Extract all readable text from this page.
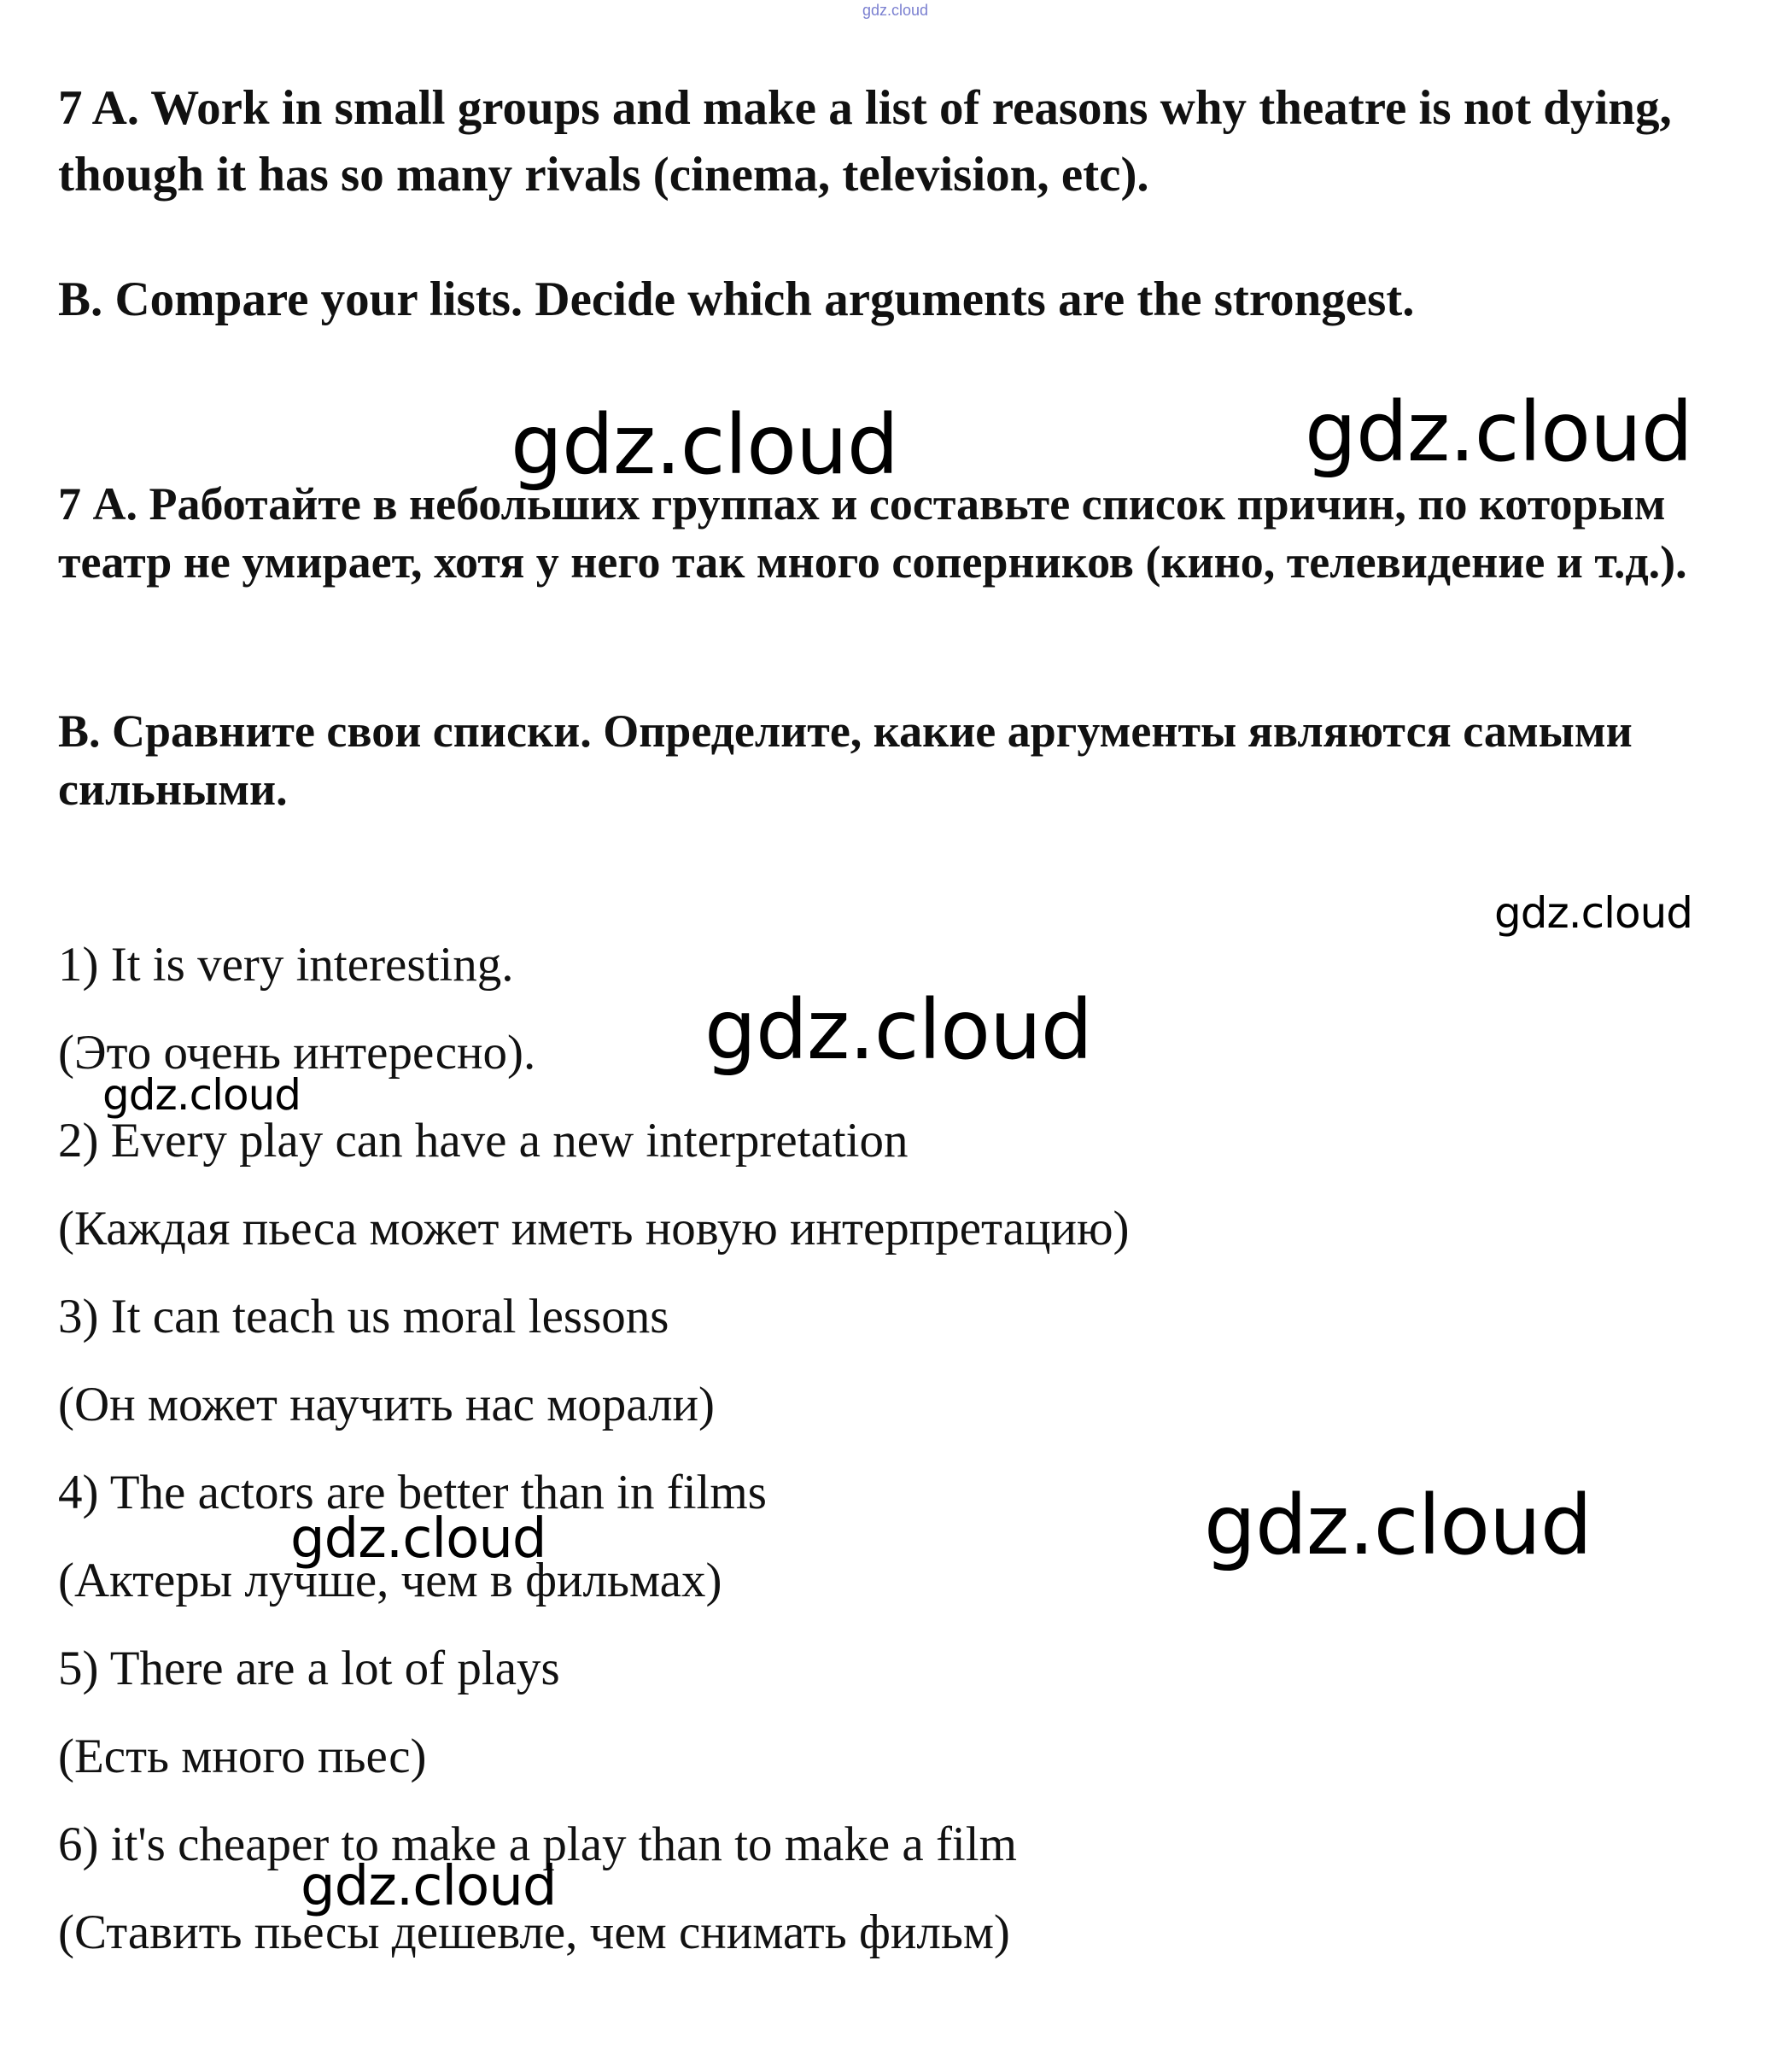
gdz.cloud

7 A. Work in small groups and make a list of reasons why theatre is not dying, though it has so many rivals (cinema, television, etc).

B. Compare your lists. Decide which arguments are the strongest.

7 А. Работайте в небольших группах и составьте список причин, по которым театр не умирает, хотя у него так много соперников (кино, телевидение и т.д.).

B. Сравните свои списки. Определите, какие аргументы являются самыми сильными.

1) It is very interesting.
(Это очень интересно).
2) Every play can have a new interpretation
(Каждая пьеса может иметь новую интерпретацию)
3) It can teach us moral lessons
(Он может научить нас морали)
4) The actors are better than in films
(Актеры лучше, чем в фильмах)
5) There are a lot of plays
(Есть много пьес)
6) it's cheaper to make a play than to make a film
(Ставить пьесы дешевле, чем снимать фильм)
gdz.cloud	gdz.cloud
gdz.cloud
gdz.cloud
gdz.cloud
gdz.cloud
gdz.cloud
gdz.cloud
